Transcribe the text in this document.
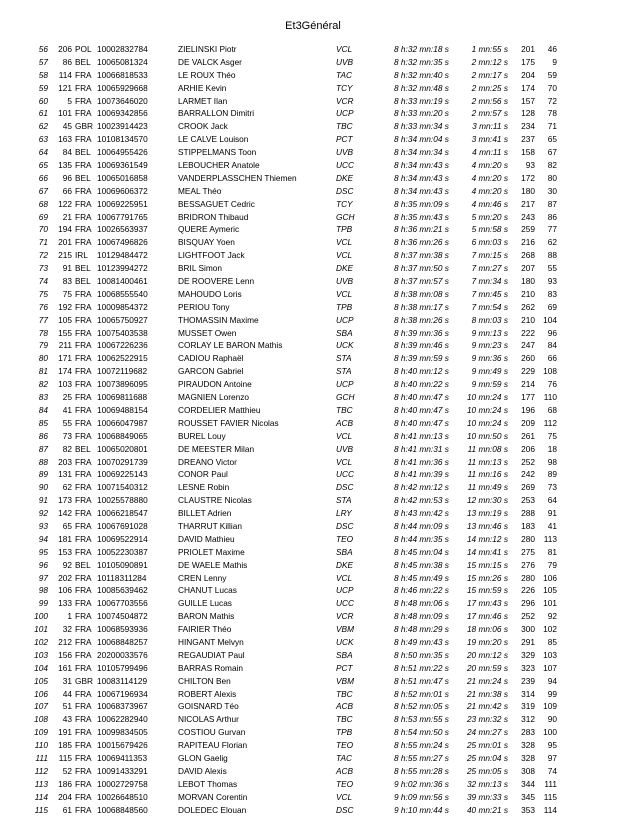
Et3Général
56	206 POL 10002832784	ZIELINSKI Piotr	VCL	8 h:32 mn:18 s	1 mn:55 s	201	46
57	86 BEL 10065081324	DE VALCK Asger	UVB	8 h:32 mn:35 s	2 mn:12 s	175	9
58	114 FRA 10066818533	LE ROUX Théo	TAC	8 h:32 mn:40 s	2 mn:17 s	204	59
59	121 FRA 10065929668	ARHIE Kevin	TCY	8 h:32 mn:48 s	2 mn:25 s	174	70
60	5 FRA 10073646020	LARMET Ilan	VCR	8 h:33 mn:19 s	2 mn:56 s	157	72
61	101 FRA 10069342856	BARRALLON Dimitri	UCP	8 h:33 mn:20 s	2 mn:57 s	128	78
62	45 GBR 10023914423	CROOK Jack	TBC	8 h:33 mn:34 s	3 mn:11 s	234	71
63	163 FRA 10108134570	LE CALVE Louison	PCT	8 h:34 mn:04 s	3 mn:41 s	237	65
64	84 BEL 10064955426	STIPPELMANS Toon	UVB	8 h:34 mn:34 s	4 mn:11 s	158	67
65	135 FRA 10069361549	LEBOUCHER Anatole	UCC	8 h:34 mn:43 s	4 mn:20 s	93	82
66	96 BEL 10065016858	VANDERPLASSCHEN Thiemen	DKE	8 h:34 mn:43 s	4 mn:20 s	172	80
67	66 FRA 10069606372	MEAL Théo	DSC	8 h:34 mn:43 s	4 mn:20 s	180	30
68	122 FRA 10069225951	BESSAGUET Cedric	TCY	8 h:35 mn:09 s	4 mn:46 s	217	87
69	21 FRA 10067791765	BRIDRON Thibaud	GCH	8 h:35 mn:43 s	5 mn:20 s	243	86
70	194 FRA 10026563937	QUERE Aymeric	TPB	8 h:36 mn:21 s	5 mn:58 s	259	77
71	201 FRA 10067496826	BISQUAY Yoen	VCL	8 h:36 mn:26 s	6 mn:03 s	216	62
72	215 IRL	10129484472	LIGHTFOOT Jack	VCL	8 h:37 mn:38 s	7 mn:15 s	268	88
73	91 BEL 10123994272	BRIL Simon	DKE	8 h:37 mn:50 s	7 mn:27 s	207	55
74	83 BEL 10081400461	DE ROOVERE Lenn	UVB	8 h:37 mn:57 s	7 mn:34 s	180	93
75	75 FRA 10068555540	MAHOUDO Loris	VCL	8 h:38 mn:08 s	7 mn:45 s	210	83
76	192 FRA 10009854372	PERIOU Tony	TPB	8 h:38 mn:17 s	7 mn:54 s	262	69
77	105 FRA 10065750927	THOMASSIN Maxime	UCP	8 h:38 mn:26 s	8 mn:03 s	210 104
78	155 FRA 10075403538	MUSSET Owen	SBA	8 h:39 mn:36 s	9 mn:13 s	222	96
79	211 FRA 10067226236	CORLAY LE BARON Mathis	UCK	8 h:39 mn:46 s	9 mn:23 s	247	84
80	171 FRA 10062522915	CADIOU Raphaël	STA	8 h:39 mn:59 s	9 mn:36 s	260	66
81	174 FRA 10072119682	GARCON Gabriel	STA	8 h:40 mn:12 s	9 mn:49 s	229 108
82	103 FRA 10073896095	PIRAUDON Antoine	UCP	8 h:40 mn:22 s	9 mn:59 s	214	76
83	25 FRA 10069811688	MAGNIEN Lorenzo	GCH	8 h:40 mn:47 s	10 mn:24 s	177	110
84	41 FRA 10069488154	CORDELIER Matthieu	TBC	8 h:40 mn:47 s	10 mn:24 s	196	68
85	55 FRA 10066047987	ROUSSET FAVIER Nicolas	ACB	8 h:40 mn:47 s	10 mn:24 s	209	112
86	73 FRA 10068849065	BUREL Louy	VCL	8 h:41 mn:13 s	10 mn:50 s	261	75
87	82 BEL 10065020801	DE MEESTER Milan	UVB	8 h:41 mn:31 s	11 mn:08 s	206	18
88	203 FRA 10070291739	DREANO Victor	VCL	8 h:41 mn:36 s	11 mn:13 s	252	98
89	131 FRA 10069225143	CONOR Paul	UCC	8 h:41 mn:39 s	11 mn:16 s	242	89
90	62 FRA 10071540312	LESNE Robin	DSC	8 h:42 mn:12 s	11 mn:49 s	269	73
91	173 FRA 10025578880	CLAUSTRE Nicolas	STA	8 h:42 mn:53 s	12 mn:30 s	253	64
92	142 FRA 10066218547	BILLET Adrien	LRY	8 h:43 mn:42 s	13 mn:19 s	288	91
93	65 FRA 10067691028	THARRUT Killian	DSC	8 h:44 mn:09 s	13 mn:46 s	183	41
94	181 FRA 10069522914	DAVID Mathieu	TEO	8 h:44 mn:35 s	14 mn:12 s	280	113
95	153 FRA 10052230387	PRIOLET Maxime	SBA	8 h:45 mn:04 s	14 mn:41 s	275	81
96	92 BEL 10105090891	DE WAELE Mathis	DKE	8 h:45 mn:38 s	15 mn:15 s	276	79
97	202 FRA 10118311284	CREN Lenny	VCL	8 h:45 mn:49 s	15 mn:26 s	280 106
98	106 FRA 10085639462	CHANUT Lucas	UCP	8 h:46 mn:22 s	15 mn:59 s	226 105
99	133 FRA 10067703556	GUILLE Lucas	UCC	8 h:48 mn:06 s	17 mn:43 s	296 101
100	1 FRA 10074504872	BARON Mathis	VCR	8 h:48 mn:09 s	17 mn:46 s	252	92
101	32 FRA 10068593936	FAIRIER Théo	VBM	8 h:48 mn:29 s	18 mn:06 s	300 102
102	212 FRA 10068848257	HINGANT Melvyn	UCK	8 h:49 mn:43 s	19 mn:20 s	291	85
103	156 FRA 20200033576	REGAUDIAT Paul	SBA	8 h:50 mn:35 s	20 mn:12 s	329 103
104	161 FRA 10105799496	BARRAS Romain	PCT	8 h:51 mn:22 s	20 mn:59 s	323 107
105	31 GBR 10083114129	CHILTON Ben	VBM	8 h:51 mn:47 s	21 mn:24 s	239	94
106	44 FRA 10067196934	ROBERT Alexis	TBC	8 h:52 mn:01 s	21 mn:38 s	314	99
107	51 FRA 10068373967	GOISNARD Téo	ACB	8 h:52 mn:05 s	21 mn:42 s	319 109
108	43 FRA 10062282940	NICOLAS Arthur	TBC	8 h:53 mn:55 s	23 mn:32 s	312	90
109	191 FRA 10099834505	COSTIOU Gurvan	TPB	8 h:54 mn:50 s	24 mn:27 s	283 100
110	185 FRA 10015679426	RAPITEAU Florian	TEO	8 h:55 mn:24 s	25 mn:01 s	328	95
111	115 FRA 10069411353	GLON Gaelig	TAC	8 h:55 mn:27 s	25 mn:04 s	328	97
112	52 FRA 10091433291	DAVID Alexis	ACB	8 h:55 mn:28 s	25 mn:05 s	308	74
113	186 FRA 10002729758	LEBOT Thomas	TEO	9 h:02 mn:36 s	32 mn:13 s	344	111
114	204 FRA 10026648510	MORVAN Corentin	VCL	9 h:09 mn:56 s	39 mn:33 s	345	115
115	61 FRA 10068848560	DOLEDEC Elouan	DSC	9 h:10 mn:44 s	40 mn:21 s	353	114
